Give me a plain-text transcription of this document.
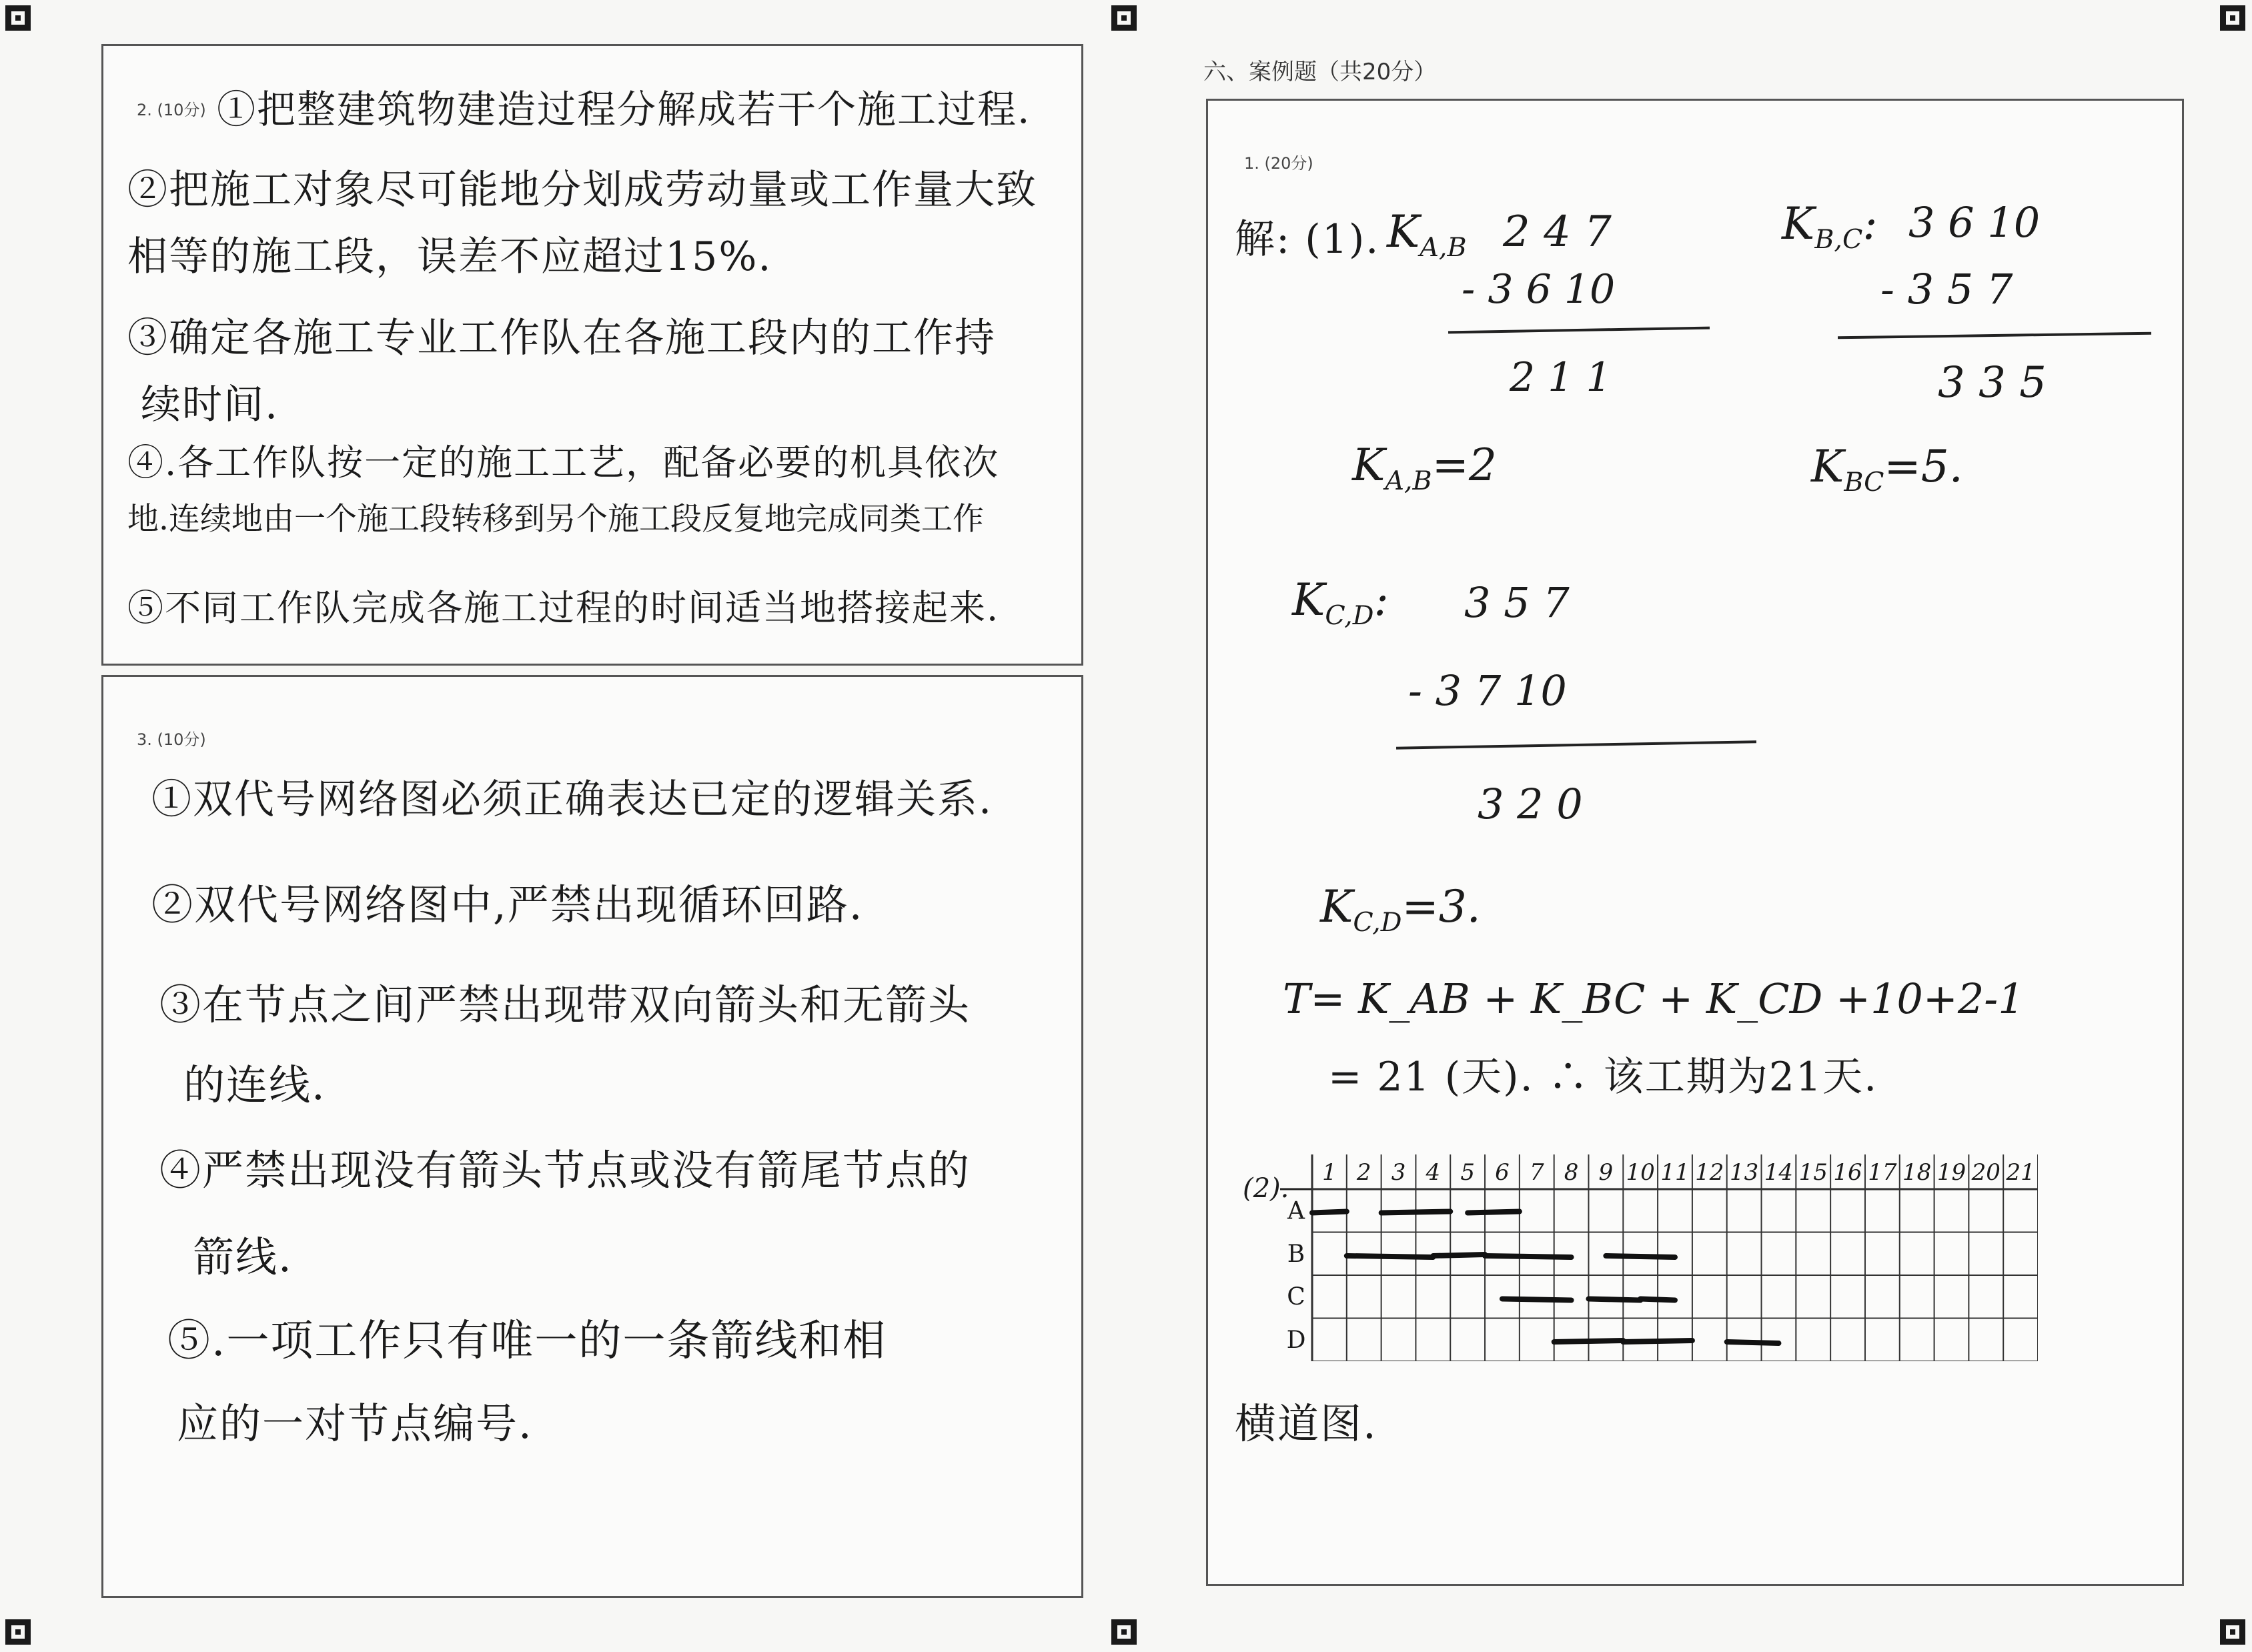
2. (10分) ①把整建筑物建造过程分解成若干个施工过程.
②把施工对象尽可能地分划成劳动量或工作量大致
相等的施工段，误差不应超过15%.
③确定各施工专业工作队在各施工段内的工作持
续时间.
④.各工作队按一定的施工工艺，配备必要的机具依次
地.连续地由一个施工段转移到另个施工段反复地完成同类工作
⑤不同工作队完成各施工过程的时间适当地搭接起来.
3. (10分)
①双代号网络图必须正确表达已定的逻辑关系.
②双代号网络图中,严禁出现循环回路.
③在节点之间严禁出现带双向箭头和无箭头
的连线.
④严禁出现没有箭头节点或没有箭尾节点的
箭线.
⑤.一项工作只有唯一的一条箭线和相
应的一对节点编号.
六、案例题（共20分）
1. (20分)
解: (1). $K_{A,B}$ 2 4 7
- 3 6 10
2 1 1
$K_{A,B}=2$
$K_{B,C}$: 3 6 10
- 3 5 7
3 3 5
$K_{BC}=5$.
$K_{C,D}$: 3 5 7
- 3 7 10
3 2 0
$K_{C,D}=3$.
T= K_AB + K_BC + K_CD +10+2-1
= 21 (天). ∴ 该工期为21天.
(2).
1 2 3 4 5 6 7 8 9 10 11 12 13 14 15 16 17 18 19 20 21
A
B
C
D
横道图.
